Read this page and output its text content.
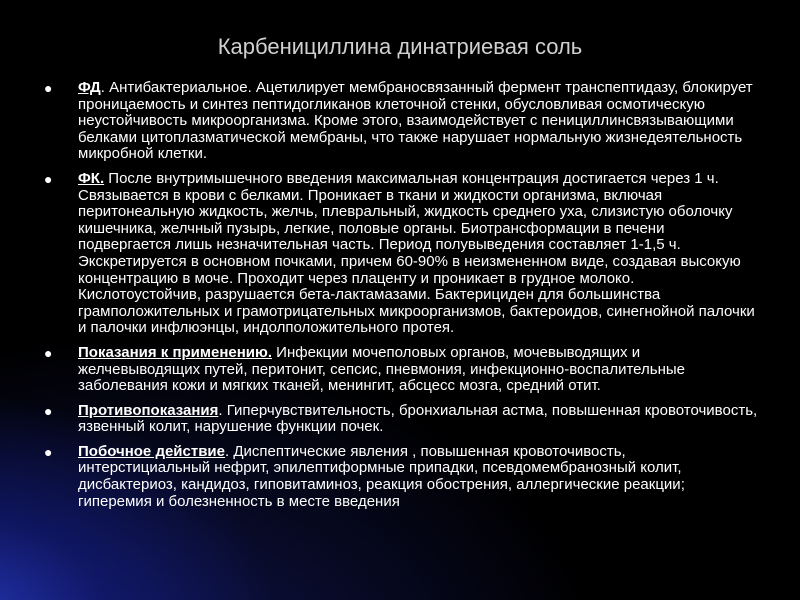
Карбенициллина динатриевая соль
● ФД. Антибактериальное. Ацетилирует мембраносвязанный фермент транспептидазу, блокирует проницаемость и синтез пептидогликанов клеточной стенки, обусловливая осмотическую неустойчивость микроорганизма. Кроме этого, взаимодействует с пенициллинсвязывающими белками цитоплазматической мембраны, что также нарушает нормальную жизнедеятельность микробной клетки.
● ФК. После внутримышечного введения максимальная концентрация достигается через 1 ч. Связывается в крови с белками. Проникает в ткани и жидкости организма, включая перитонеальную жидкость, желчь, плевральный, жидкость среднего уха, слизистую оболочку кишечника, желчный пузырь, легкие, половые органы. Биотрансформации в печени подвергается лишь незначительная часть. Период полувыведения составляет 1-1,5 ч. Экскретируется в основном почками, причем 60-90% в неизмененном виде, создавая высокую концентрацию в моче. Проходит через плаценту и проникает в грудное молоко. Кислотоустойчив, разрушается бета-лактамазами. Бактерициден для большинства грамположительных и грамотрицательных микроорганизмов, бактероидов, синегнойной палочки и палочки инфлюэнцы, индолположительного протея.
● Показания к применению. Инфекции мочеполовых органов, мочевыводящих и желчевыводящих путей, перитонит, сепсис, пневмония, инфекционно-воспалительные заболевания кожи и мягких тканей, менингит, абсцесс мозга, средний отит.
● Противопоказания. Гиперчувствительность, бронхиальная астма, повышенная кровоточивость, язвенный колит, нарушение функции почек.
● Побочное действие. Диспептические явления , повышенная кровоточивость, интерстициальный нефрит, эпилептиформные припадки, псевдомембранозный колит, дисбактериоз, кандидоз, гиповитаминоз, реакция обострения, аллергические реакции; гиперемия и болезненность в месте введения
